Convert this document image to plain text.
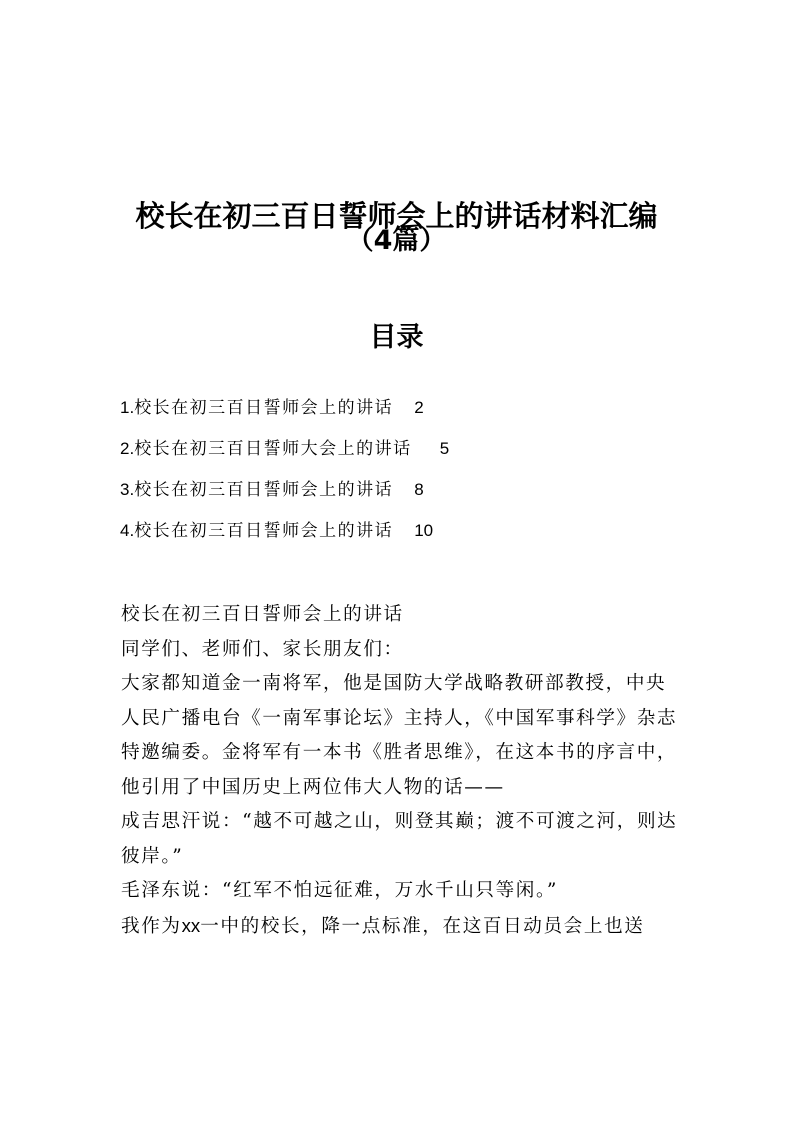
校长在初三百日誓师会上的讲话材料汇编
（4篇）
目录
1.校长在初三百日誓师会上的讲话 2
2.校长在初三百日誓师大会上的讲话 5
3.校长在初三百日誓师会上的讲话 8
4.校长在初三百日誓师会上的讲话 10

校长在初三百日誓师会上的讲话

同学们、老师们、家长朋友们：

大家都知道金一南将军，他是国防大学战略教研部教授，中央人民广播电台《一南军事论坛》主持人，《中国军事科学》杂志特邀编委。金将军有一本书《胜者思维》，在这本书的序言中，他引用了中国历史上两位伟大人物的话——

成吉思汗说：“越不可越之山，则登其巅；渡不可渡之河，则达彼岸。”

毛泽东说：“红军不怕远征难，万水千山只等闲。”

我作为xx一中的校长，降一点标准，在这百日动员会上也送
